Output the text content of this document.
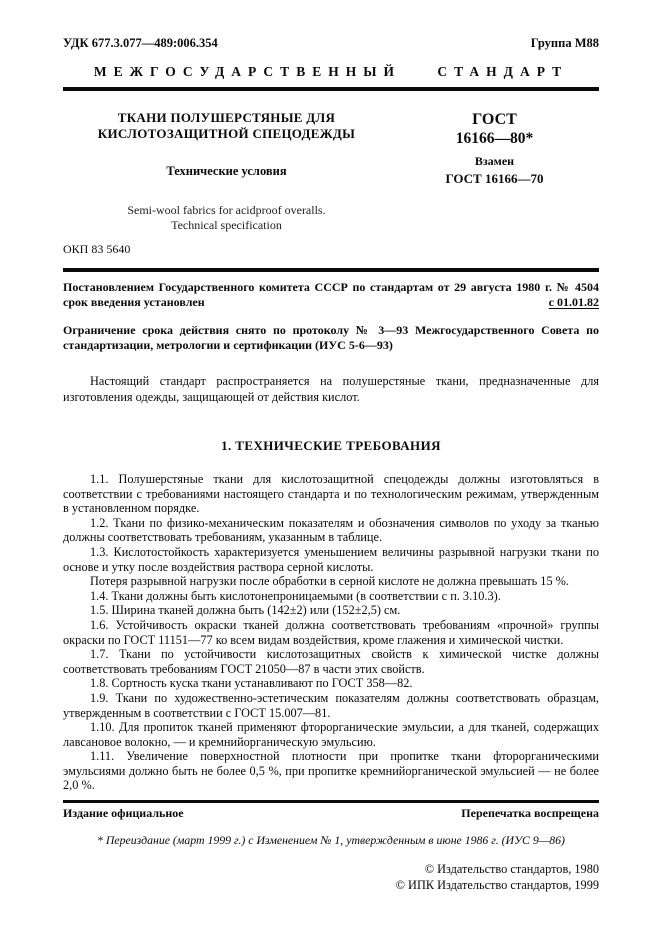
УДК 677.3.077—489:006.354	Группа М88
МЕЖГОСУДАРСТВЕННЫЙ СТАНДАРТ
ТКАНИ ПОЛУШЕРСТЯНЫЕ ДЛЯ
КИСЛОТОЗАЩИТНОЙ СПЕЦОДЕЖДЫ
Технические условия
Semi-wool fabrics for acidproof overalls.
Technical specification
ГОСТ
16166—80*
Взамен
ГОСТ 16166—70
ОКП 83 5640
Постановлением Государственного комитета СССР по стандартам от 29 августа 1980 г. № 4504 срок введения установлен	с 01.01.82
Ограничение срока действия снято по протоколу № 3—93 Межгосударственного Совета по стандартизации, метрологии и сертификации (ИУС 5-6—93)
Настоящий стандарт распространяется на полушерстяные ткани, предназначенные для изготовления одежды, защищающей от действия кислот.
1. ТЕХНИЧЕСКИЕ ТРЕБОВАНИЯ

1.1. Полушерстяные ткани для кислотозащитной спецодежды должны изготовляться в соответствии с требованиями настоящего стандарта и по технологическим режимам, утвержденным в установленном порядке.

1.2. Ткани по физико-механическим показателям и обозначения символов по уходу за тканью должны соответствовать требованиям, указанным в таблице.

1.3. Кислотостойкость характеризуется уменьшением величины разрывной нагрузки ткани по основе и утку после воздействия раствора серной кислоты.

Потеря разрывной нагрузки после обработки в серной кислоте не должна превышать 15 %.

1.4. Ткани должны быть кислотонепроницаемыми (в соответствии с п. 3.10.3).

1.5. Ширина тканей должна быть (142±2) или (152±2,5) см.

1.6. Устойчивость окраски тканей должна соответствовать требованиям «прочной» группы окраски по ГОСТ 11151—77 ко всем видам воздействия, кроме глажения и химической чистки.

1.7. Ткани по устойчивости кислотозащитных свойств к химической чистке должны соответствовать требованиям ГОСТ 21050—87 в части этих свойств.

1.8. Сортность куска ткани устанавливают по ГОСТ 358—82.

1.9. Ткани по художественно-эстетическим показателям должны соответствовать образцам, утвержденным в соответствии с ГОСТ 15.007—81.

1.10. Для пропиток тканей применяют фторорганические эмульсии, а для тканей, содержащих лавсановое волокно, — и кремнийорганическую эмульсию.

1.11. Увеличение поверхностной плотности при пропитке ткани фторорганическими эмульсиями должно быть не более 0,5 %, при пропитке кремнийорганической эмульсией — не более 2,0 %.

Издание официальное	Перепечатка воспрещена
* Переиздание (март 1999 г.) с Изменением № 1, утвержденным в июне 1986 г. (ИУС 9—86)
© Издательство стандартов, 1980
© ИПК Издательство стандартов, 1999
